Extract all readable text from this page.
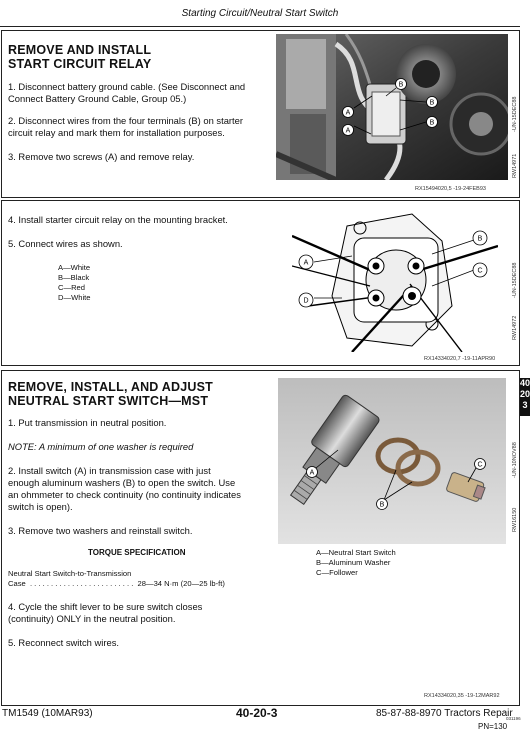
Starting Circuit/Neutral Start Switch
REMOVE AND INSTALL
START CIRCUIT RELAY
1. Disconnect battery ground cable. (See Disconnect and
Connect Battery Ground Cable, Group 05.)
2. Disconnect wires from the four terminals (B) on starter
circuit relay and mark them for installation purposes.
3. Remove two screws (A) and remove relay.
A
A
B
B
B	-UN-15DEC88
RW14971
RX15494020,5 -19-24FEB93
4. Install starter circuit relay on the mounting bracket.
5. Connect wires as shown.
A—White
B—Black
C—Red
D—White
A
B
C
D
-UN-15DEC88
RW14972
RX14334020,7 -19-11APR90
REMOVE, INSTALL, AND ADJUST
NEUTRAL START SWITCH—MST
1. Put transmission in neutral position.
NOTE: A minimum of one washer is required
2. Install switch (A) in transmission case with just
enough aluminum washers (B) to open the switch. Use
an ohmmeter to check continuity (no continuity indicates
switch is open).
3. Remove two washers and reinstall switch.
TORQUE SPECIFICATION
Neutral Start Switch-to-Transmission
Case  . . . . . . . . . . . . . . . . . . . . . . . . .  28—34 N·m (20—25 lb-ft)
4. Cycle the shift lever to be sure switch closes
(continuity) ONLY in the neutral position.
5. Reconnect switch wires.
A—Neutral Start Switch
B—Aluminum Washer
C—Follower
A
B
C	-UN-10NOV88
RW16150
RX14334020,35 -19-12MAR92
40
20
3
TM1549 (10MAR93)	40-20-3	85-87-88-8970 Tractors Repair
031196
PN=130
